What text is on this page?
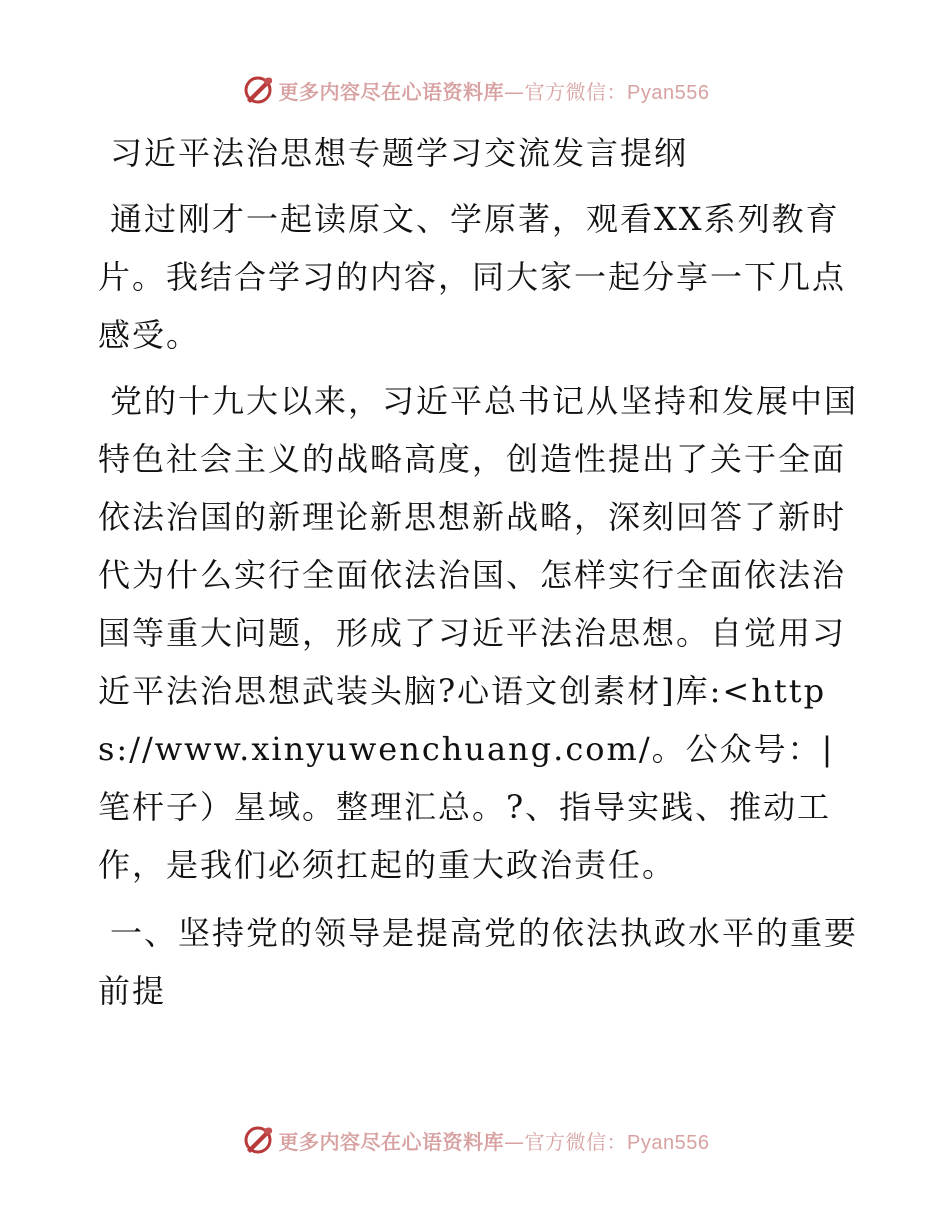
更多内容尽在心语资料库—官方微信：Pyan556
习近平法治思想专题学习交流发言提纲

通过刚才一起读原文、学原著，观看XX系列教育片。我结合学习的内容，同大家一起分享一下几点感受。

党的十九大以来，习近平总书记从坚持和发展中国特色社会主义的战略高度，创造性提出了关于全面依法治国的新理论新思想新战略，深刻回答了新时代为什么实行全面依法治国、怎样实行全面依法治国等重大问题，形成了习近平法治思想。自觉用习近平法治思想武装头脑?心语文创素材]库:<https://www.xinyuwenchuang.com/。公众号：|笔杆子）星域。整理汇总。?、指导实践、推动工作，是我们必须扛起的重大政治责任。

一、坚持党的领导是提高党的依法执政水平的重要前提

更多内容尽在心语资料库—官方微信：Pyan556
